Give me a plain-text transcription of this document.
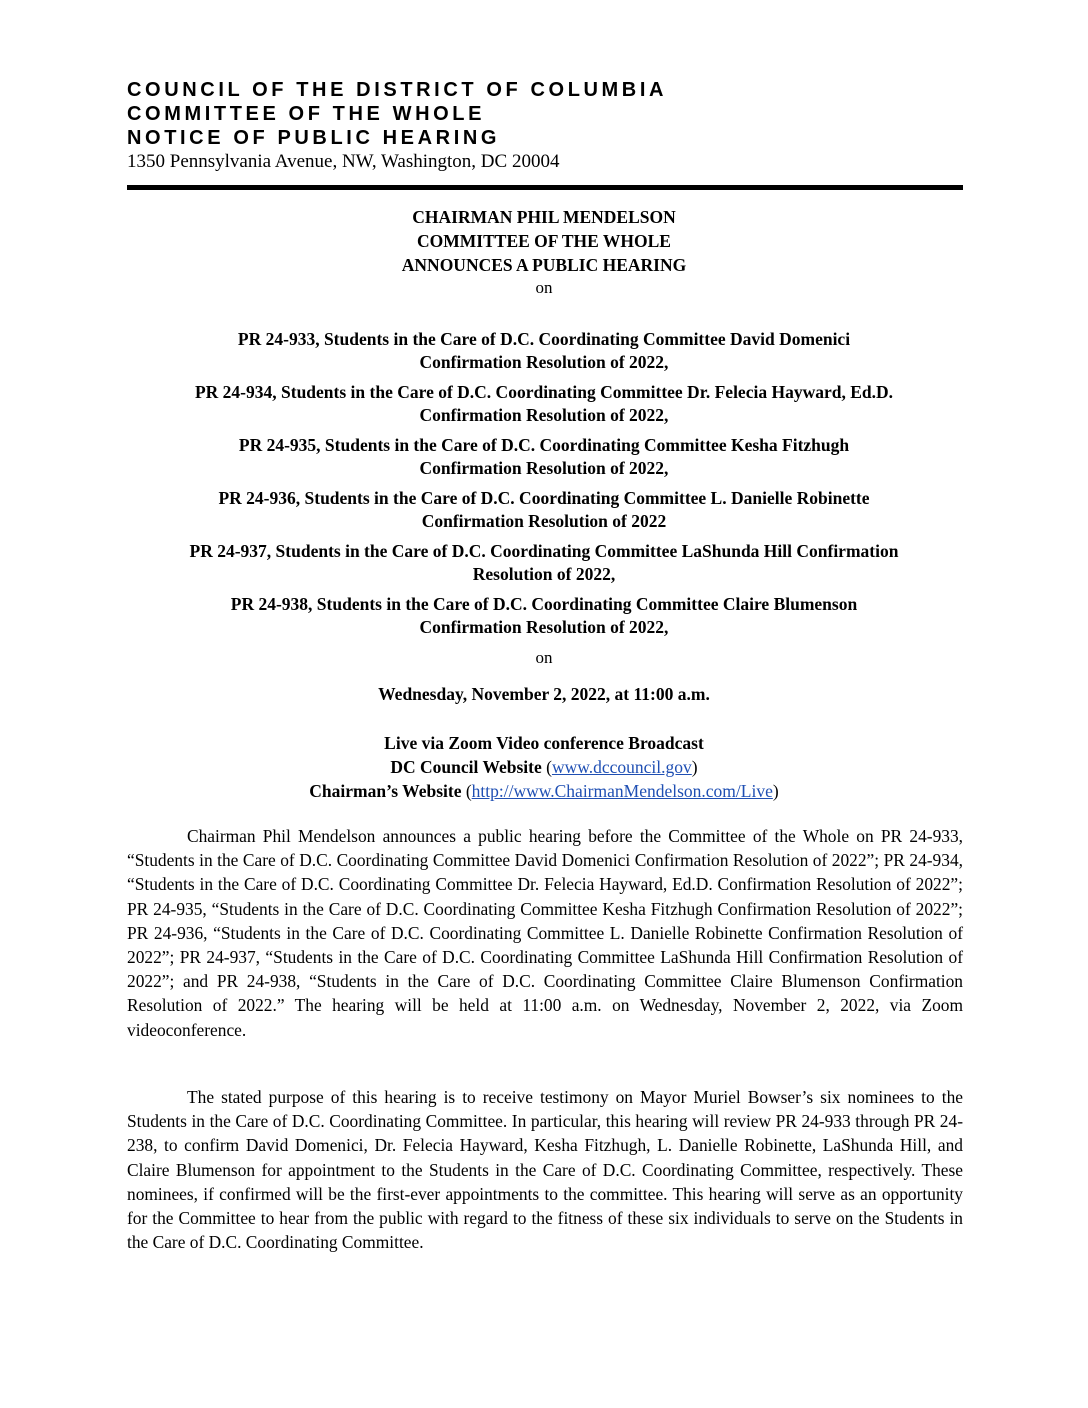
COUNCIL OF THE DISTRICT OF COLUMBIA
COMMITTEE OF THE WHOLE
NOTICE OF PUBLIC HEARING
1350 Pennsylvania Avenue, NW, Washington, DC 20004
CHAIRMAN PHIL MENDELSON
COMMITTEE OF THE WHOLE
ANNOUNCES A PUBLIC HEARING
on
PR 24-933, Students in the Care of D.C. Coordinating Committee David Domenici
Confirmation Resolution of 2022,
PR 24-934, Students in the Care of D.C. Coordinating Committee Dr. Felecia Hayward, Ed.D.
Confirmation Resolution of 2022,
PR 24-935, Students in the Care of D.C. Coordinating Committee Kesha Fitzhugh
Confirmation Resolution of 2022,
PR 24-936, Students in the Care of D.C. Coordinating Committee L. Danielle Robinette
Confirmation Resolution of 2022
PR 24-937, Students in the Care of D.C. Coordinating Committee LaShunda Hill Confirmation
Resolution of 2022,
PR 24-938, Students in the Care of D.C. Coordinating Committee Claire Blumenson
Confirmation Resolution of 2022,
on
Wednesday, November 2, 2022, at 11:00 a.m.
Live via Zoom Video conference Broadcast
DC Council Website (www.dccouncil.gov)
Chairman’s Website (http://www.ChairmanMendelson.com/Live)
Chairman Phil Mendelson announces a public hearing before the Committee of the Whole on PR 24-933, “Students in the Care of D.C. Coordinating Committee David Domenici Confirmation Resolution of 2022”; PR 24-934, “Students in the Care of D.C. Coordinating Committee Dr. Felecia Hayward, Ed.D. Confirmation Resolution of 2022”; PR 24-935, “Students in the Care of D.C. Coordinating Committee Kesha Fitzhugh Confirmation Resolution of 2022”; PR 24-936, “Students in the Care of D.C. Coordinating Committee L. Danielle Robinette Confirmation Resolution of 2022”; PR 24-937, “Students in the Care of D.C. Coordinating Committee LaShunda Hill Confirmation Resolution of 2022”; and PR 24-938, “Students in the Care of D.C. Coordinating Committee Claire Blumenson Confirmation Resolution of 2022.” The hearing will be held at 11:00 a.m. on Wednesday, November 2, 2022, via Zoom videoconference.
The stated purpose of this hearing is to receive testimony on Mayor Muriel Bowser’s six nominees to the Students in the Care of D.C. Coordinating Committee. In particular, this hearing will review PR 24-933 through PR 24-238, to confirm David Domenici, Dr. Felecia Hayward, Kesha Fitzhugh, L. Danielle Robinette, LaShunda Hill, and Claire Blumenson for appointment to the Students in the Care of D.C. Coordinating Committee, respectively. These nominees, if confirmed will be the first-ever appointments to the committee. This hearing will serve as an opportunity for the Committee to hear from the public with regard to the fitness of these six individuals to serve on the Students in the Care of D.C. Coordinating Committee.
